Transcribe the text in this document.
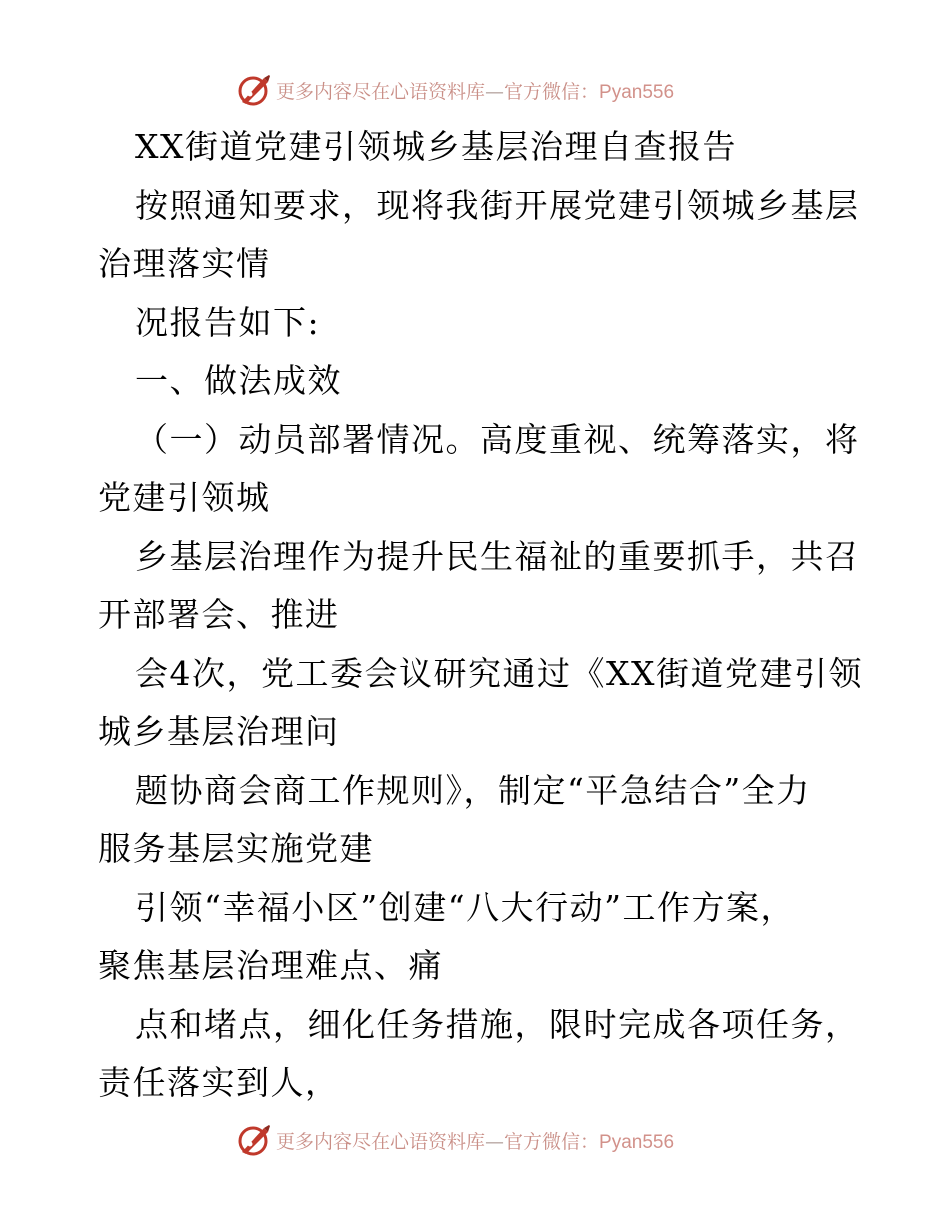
更多内容尽在心语资料库—官方微信：Pyan556
XX街道党建引领城乡基层治理自查报告
按照通知要求，现将我街开展党建引领城乡基层
治理落实情
况报告如下:
一、做法成效
（一）动员部署情况。高度重视、统筹落实，将
党建引领城
乡基层治理作为提升民生福祉的重要抓手，共召
开部署会、推进
会4次，党工委会议研究通过《XX街道党建引领
城乡基层治理问
题协商会商工作规则》，制定“平急结合”全力
服务基层实施党建
引领“幸福小区”创建“八大行动”工作方案，
聚焦基层治理难点、痛
点和堵点，细化任务措施，限时完成各项任务，
责任落实到人，
更多内容尽在心语资料库—官方微信：Pyan556
